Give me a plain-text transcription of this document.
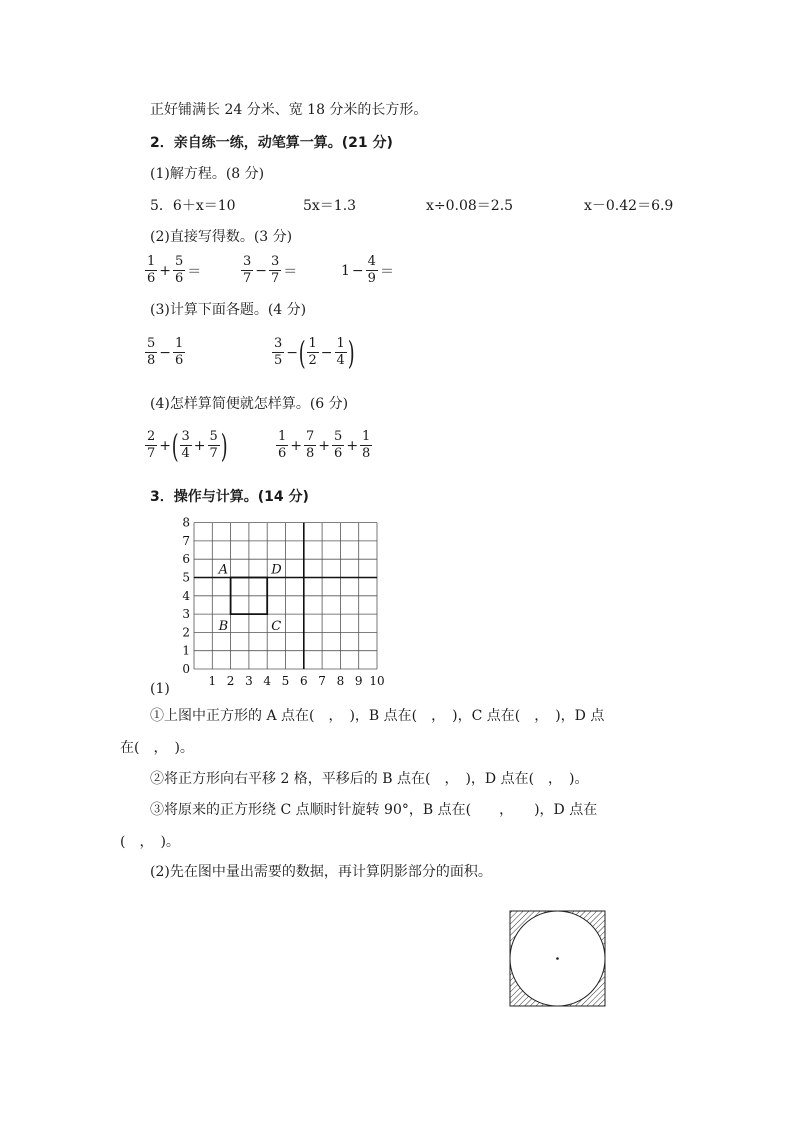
正好铺满长 24 分米、宽 18 分米的长方形。
2．亲自练一练，动笔算一算。(21 分)
(1)解方程。(8 分)
5．6＋x＝10	5x＝1.3	x÷0.08＝2.5	x－0.42＝6.9
(2)直接写得数。(3 分)
$\frac{1}{6} + \frac{5}{6}$ ＝	$\frac{3}{7} - \frac{3}{7}$ ＝	$1 - \frac{4}{9}$ ＝
(3)计算下面各题。(4 分)
$\frac{5}{8} - \frac{1}{6}$	$\frac{3}{5}$ − ( $\frac{1}{2} - \frac{1}{4}$ )
(4)怎样算简便就怎样算。(6 分)
$\frac{2}{7}$ + ( $\frac{3}{4} + \frac{5}{7}$ )	$\frac{1}{6} + \frac{7}{8} + \frac{5}{6} + \frac{1}{8}$
3．操作与计算。(14 分)
A
B	C
D
1 2 3 4 5 6 7 8 9 10
0
1
2
3
4
5
6
7
8
(1)
①上图中正方形的 A 点在(　，　)，B 点在(　，　)，C 点在(　，　)，D 点
在(　，　)。
②将正方形向右平移 2 格，平移后的 B 点在(　，　)，D 点在(　，　)。
③将原来的正方形绕 C 点顺时针旋转 90°，B 点在(　　，　　)，D 点在
(　，　)。
(2)先在图中量出需要的数据，再计算阴影部分的面积。
